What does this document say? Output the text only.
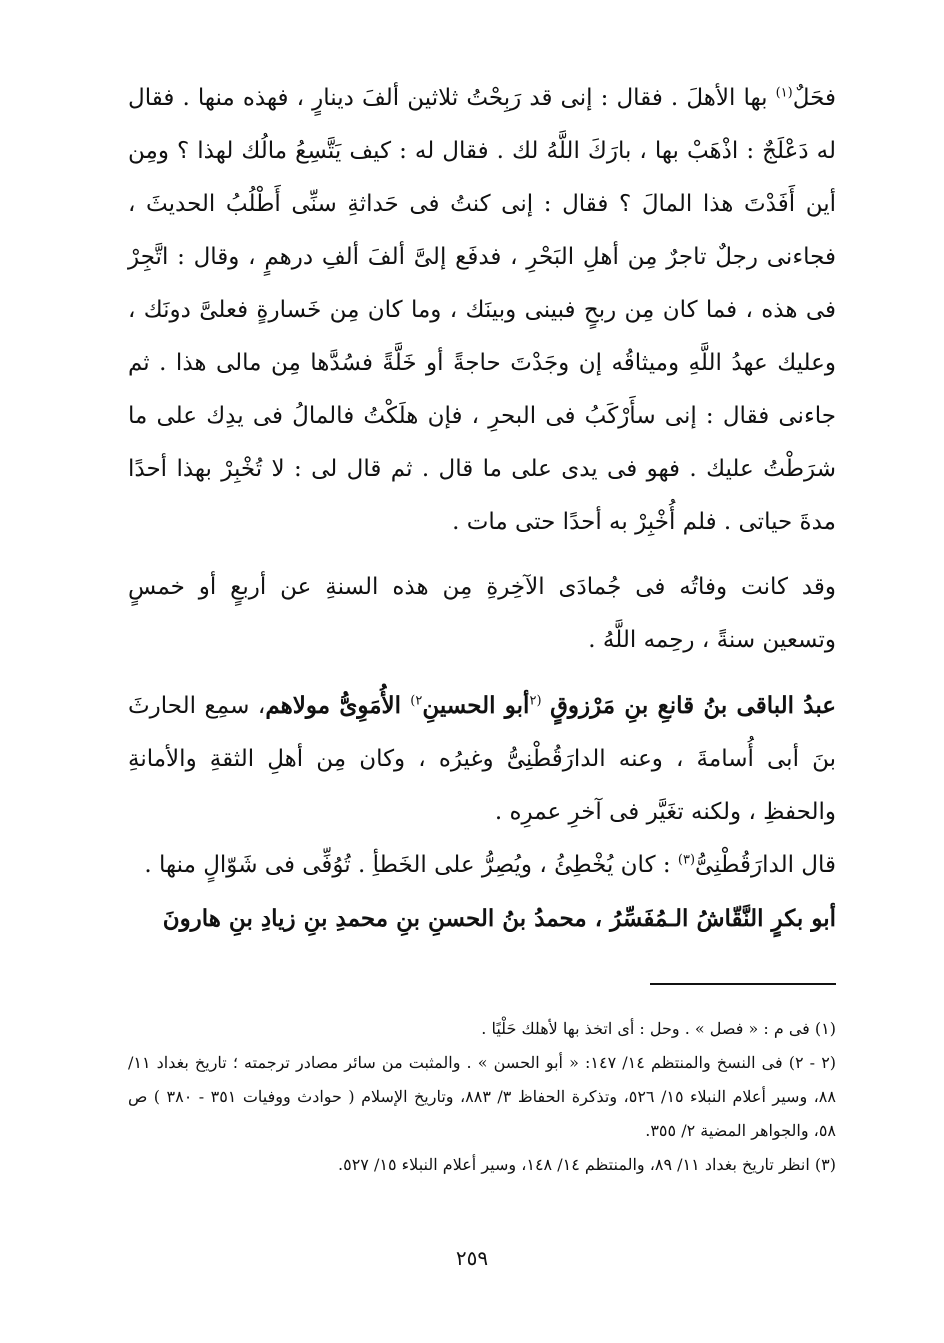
فحَلٌ$^{(١)}$ بها الأهلَ . فقال : إنى قد رَبِحْتُ ثلاثين ألفَ دينارٍ ، فهذه منها . فقال له دَعْلَجٌ : اذْهَبْ بها ، بارَكَ اللَّهُ لك . فقال له : كيف يَتَّسِعُ مالُك لهذا ؟ ومِن أين أَفَدْتَ هذا المالَ ؟ فقال : إنى كنتُ فى حَداثةِ سنِّى أَطْلُبُ الحديثَ ، فجاءنى رجلٌ تاجرٌ مِن أهلِ البَحْرِ ، فدفَع إلىَّ ألفَ ألفِ درهمٍ ، وقال : اتَّجِرْ فى هذه ، فما كان مِن ربحٍ فبينى وبينَك ، وما كان مِن خَسارةٍ فعلىَّ دونَك ، وعليك عهدُ اللَّهِ وميثاقُه إن وجَدْتَ حاجةً أو خَلَّةً فسُدَّها مِن مالى هذا . ثم جاءنى فقال : إنى سأَرْكَبُ فى البحرِ ، فإن هلَكْتُ فالمالُ فى يدِك على ما شرَطْتُ عليك . فهو فى يدى على ما قال . ثم قال لى : لا تُخْبِرْ بهذا أحدًا مدةَ حياتى . فلم أُخْبِرْ به أحدًا حتى مات .

وقد كانت وفاتُه فى جُمادَى الآخِرةِ مِن هذه السنةِ عن أربعٍ أو خمسٍ وتسعين سنةً ، رحِمه اللَّهُ .

عبدُ الباقى بنُ قانعِ بنِ مَرْزوقٍ $^{(٢}$أبو الحسينِ$^{٢)}$ الأُمَوِىُّ مولاهم، سمِع الحارثَ بنَ أبى أُسامةَ ، وعنه الدارَقُطْنِىُّ وغيرُه ، وكان مِن أهلِ الثقةِ والأمانةِ والحفظِ ، ولكنه تغَيَّر فى آخرِ عمرِه .

قال الدارَقُطْنِىُّ$^{(٣)}$ : كان يُخْطِئُ ، ويُصِرُّ على الخَطأِ . تُوُفِّى فى شَوّالٍ منها .

أبو بكرٍ النَّقّاشُ الـمُفَسِّرُ ، محمدُ بنُ الحسنِ بنِ محمدِ بنِ زيادِ بنِ هارونَ

(١) فى م : « فصل » . وحل : أى اتخذ بها لأهلك حَلْيًا .

(٢ - ٢) فى النسخ والمنتظم ١٤/ ١٤٧: « أبو الحسن » . والمثبت من سائر مصادر ترجمته ؛ تاريخ بغداد ١١/ ٨٨، وسير أعلام النبلاء ١٥/ ٥٢٦، وتذكرة الحفاظ ٣/ ٨٨٣، وتاريخ الإسلام ( حوادث ووفيات ٣٥١ - ٣٨٠ ) ص ٥٨، والجواهر المضية ٢/ ٣٥٥.

(٣) انظر تاريخ بغداد ١١/ ٨٩، والمنتظم ١٤/ ١٤٨، وسير أعلام النبلاء ١٥/ ٥٢٧.

٢٥٩
